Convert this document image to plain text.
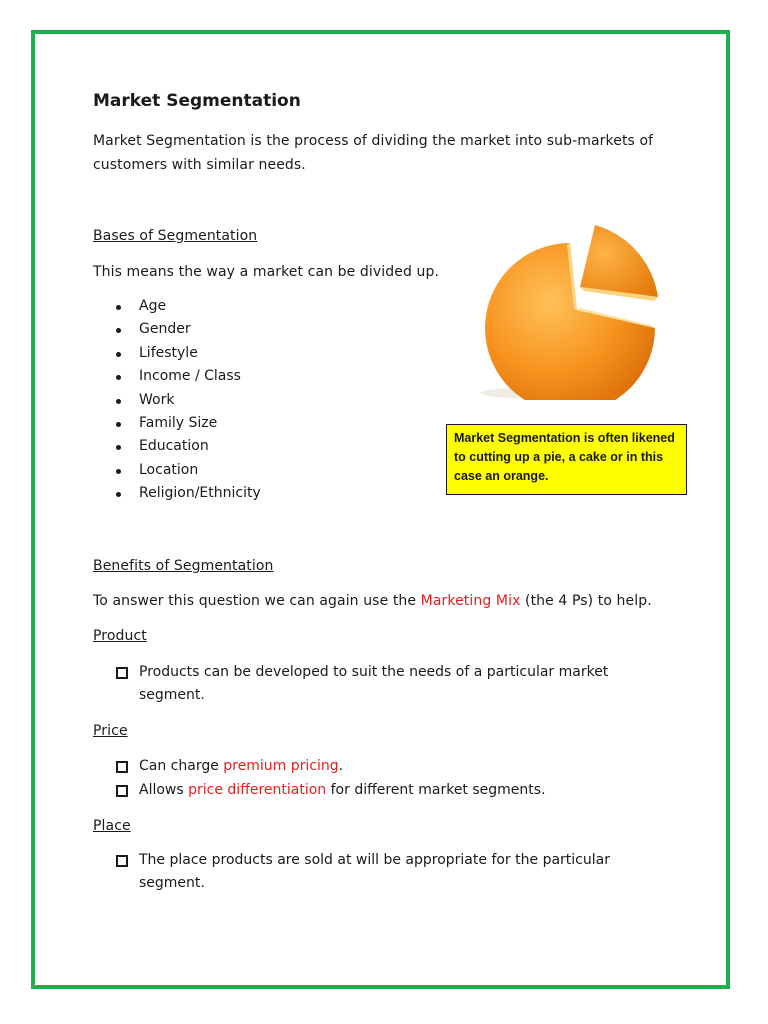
Market Segmentation
Market Segmentation is the process of dividing the market into sub-markets of customers with similar needs.
Bases of Segmentation
This means the way a market can be divided up.
Age
Gender
Lifestyle
Income / Class
Work
Family Size
Education
Location
Religion/Ethnicity
Market Segmentation is often likened to cutting up a pie, a cake or in this case an orange.
Benefits of Segmentation
To answer this question we can again use the Marketing Mix (the 4 Ps) to help.
Product
Products can be developed to suit the needs of a particular market segment.
Price
Can charge premium pricing.
Allows price differentiation for different market segments.
Place
The place products are sold at will be appropriate for the particular segment.
